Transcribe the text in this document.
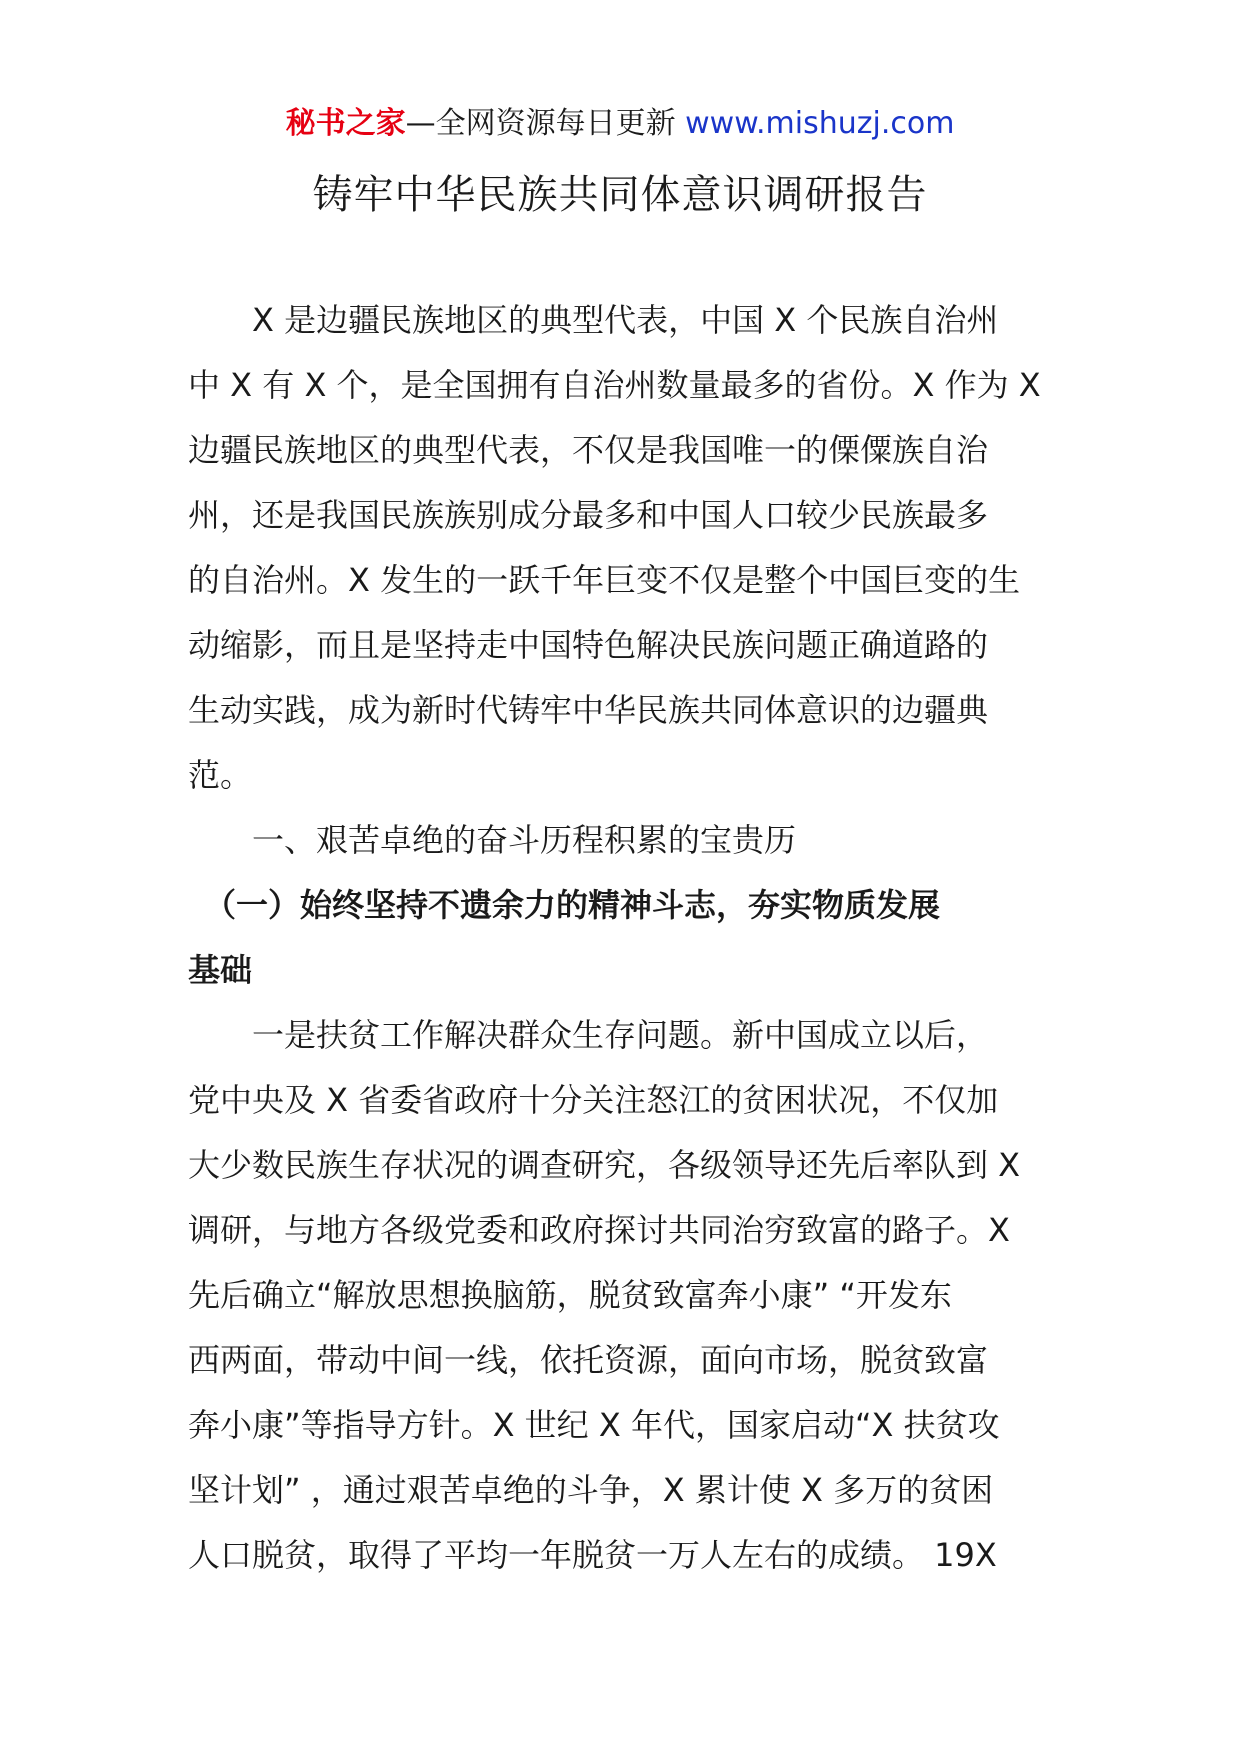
秘书之家—全网资源每日更新 www.mishuzj.com
铸牢中华民族共同体意识调研报告
　　X 是边疆民族地区的典型代表，中国 X 个民族自治州
中 X 有 X 个，是全国拥有自治州数量最多的省份。X 作为 X
边疆民族地区的典型代表，不仅是我国唯一的傈僳族自治
州，还是我国民族族别成分最多和中国人口较少民族最多
的自治州。X 发生的一跃千年巨变不仅是整个中国巨变的生
动缩影，而且是坚持走中国特色解决民族问题正确道路的
生动实践，成为新时代铸牢中华民族共同体意识的边疆典
范。
　　一、艰苦卓绝的奋斗历程积累的宝贵历
　（一）始终坚持不遗余力的精神斗志，夯实物质发展
基础
　　一是扶贫工作解决群众生存问题。新中国成立以后，
党中央及 X 省委省政府十分关注怒江的贫困状况，不仅加
大少数民族生存状况的调查研究，各级领导还先后率队到 X
调研，与地方各级党委和政府探讨共同治穷致富的路子。X
先后确立“解放思想换脑筋，脱贫致富奔小康” “开发东
西两面，带动中间一线，依托资源，面向市场，脱贫致富
奔小康”等指导方针。X 世纪 X 年代，国家启动“X 扶贫攻
坚计划” ，通过艰苦卓绝的斗争，X 累计使 X 多万的贫困
人口脱贫，取得了平均一年脱贫一万人左右的成绩。 19X
